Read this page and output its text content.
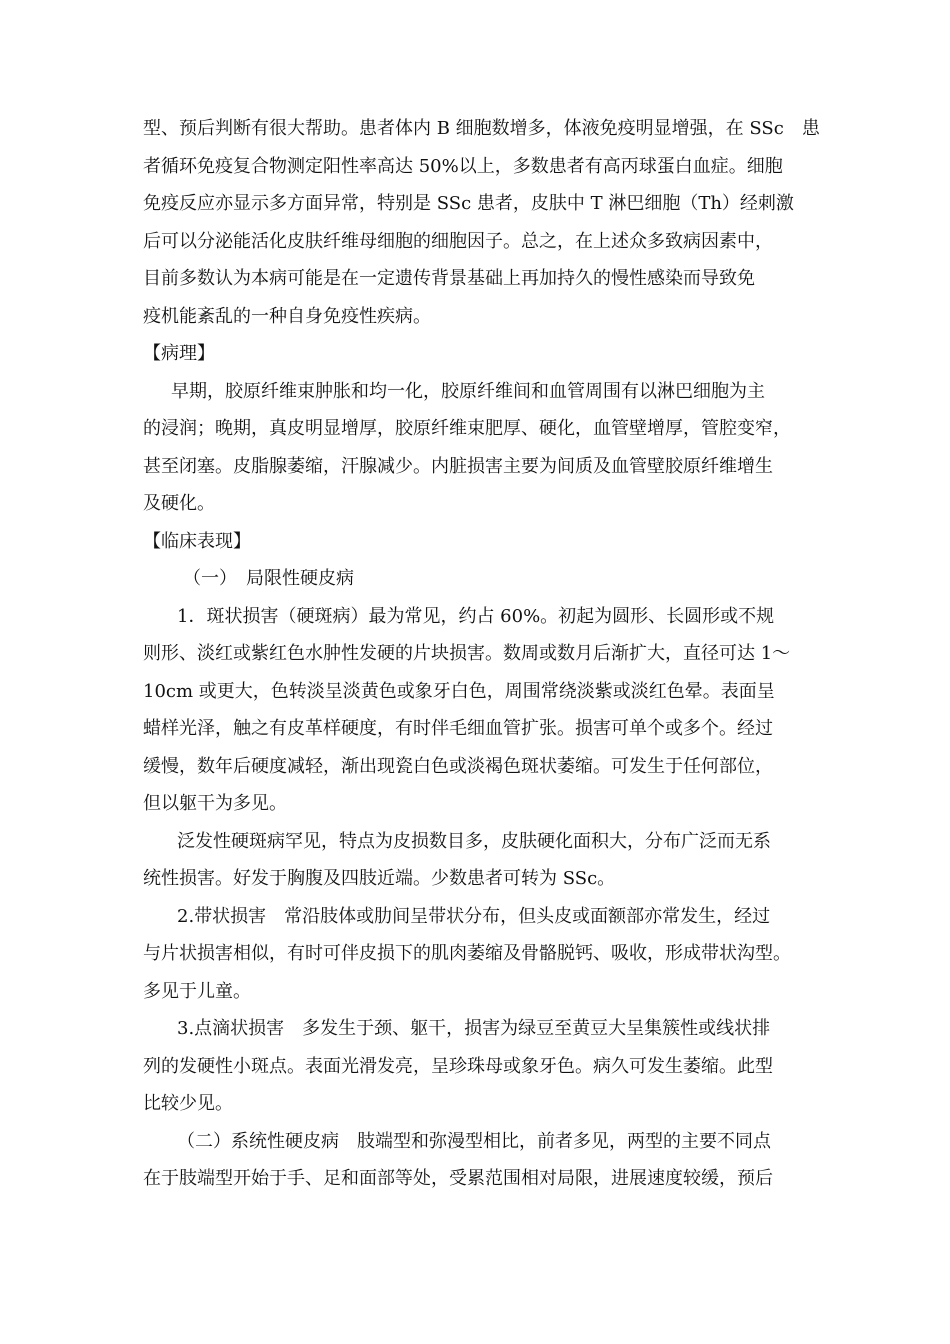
型、预后判断有很大帮助。患者体内 B 细胞数增多，体液免疫明显增强，在 SSc　患
者循环免疫复合物测定阳性率高达 50%以上，多数患者有高丙球蛋白血症。细胞
免疫反应亦显示多方面异常，特别是 SSc 患者，皮肤中 T 淋巴细胞（Th）经刺激
后可以分泌能活化皮肤纤维母细胞的细胞因子。总之，在上述众多致病因素中，
目前多数认为本病可能是在一定遗传背景基础上再加持久的慢性感染而导致免
疫机能紊乱的一种自身免疫性疾病。
【病理】
早期，胶原纤维束肿胀和均一化，胶原纤维间和血管周围有以淋巴细胞为主
的浸润；晚期，真皮明显增厚，胶原纤维束肥厚、硬化，血管壁增厚，管腔变窄，
甚至闭塞。皮脂腺萎缩，汗腺减少。内脏损害主要为间质及血管壁胶原纤维增生
及硬化。
【临床表现】
（一）　局限性硬皮病
1．斑状损害（硬斑病）最为常见，约占 60%。初起为圆形、长圆形或不规
则形、淡红或紫红色水肿性发硬的片块损害。数周或数月后渐扩大，直径可达 1～
10cm 或更大，色转淡呈淡黄色或象牙白色，周围常绕淡紫或淡红色晕。表面呈
蜡样光泽，触之有皮革样硬度，有时伴毛细血管扩张。损害可单个或多个。经过
缓慢，数年后硬度减轻，渐出现瓷白色或淡褐色斑状萎缩。可发生于任何部位，
但以躯干为多见。
泛发性硬斑病罕见，特点为皮损数目多，皮肤硬化面积大，分布广泛而无系
统性损害。好发于胸腹及四肢近端。少数患者可转为 SSc。
2.带状损害　常沿肢体或肋间呈带状分布，但头皮或面额部亦常发生，经过
与片状损害相似，有时可伴皮损下的肌肉萎缩及骨骼脱钙、吸收，形成带状沟型。
多见于儿童。
3.点滴状损害　多发生于颈、躯干，损害为绿豆至黄豆大呈集簇性或线状排
列的发硬性小斑点。表面光滑发亮，呈珍珠母或象牙色。病久可发生萎缩。此型
比较少见。
（二）系统性硬皮病　肢端型和弥漫型相比，前者多见，两型的主要不同点
在于肢端型开始于手、足和面部等处，受累范围相对局限，进展速度较缓，预后
